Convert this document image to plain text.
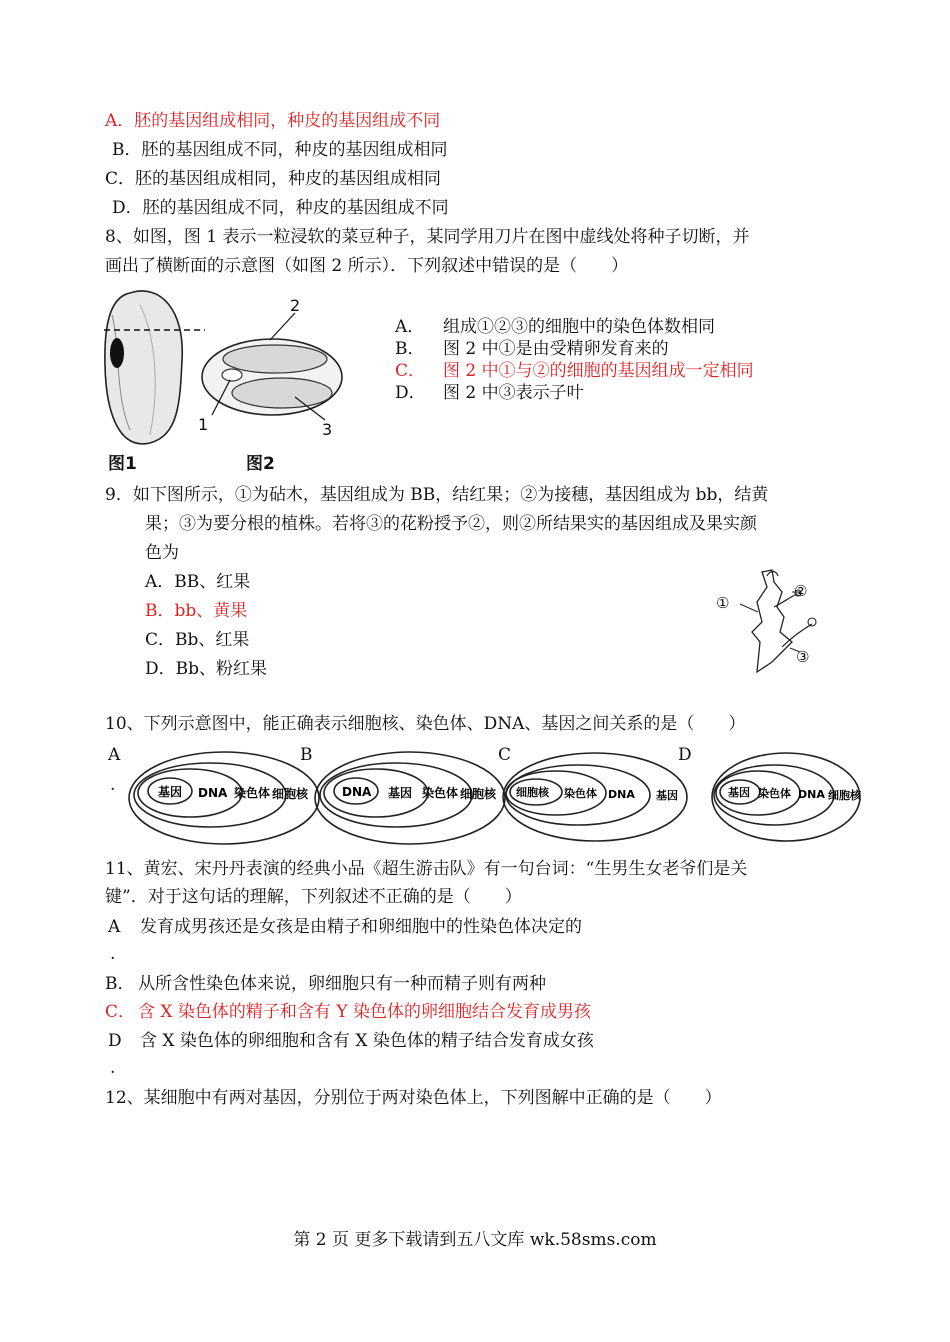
A．胚的基因组成相同，种皮的基因组成不同
B．胚的基因组成不同，种皮的基因组成相同
C．胚的基因组成相同，种皮的基因组成相同
D．胚的基因组成不同，种皮的基因组成不同
8、如图，图 1 表示一粒浸软的菜豆种子，某同学用刀片在图中虚线处将种子切断，并
画出了横断面的示意图（如图 2 所示）．下列叙述中错误的是（　　）
2
1	3
图1	图2
A． 组成①②③的细胞中的染色体数相同
B． 图 2 中①是由受精卵发育来的
C． 图 2 中①与②的细胞的基因组成一定相同
D． 图 2 中③表示子叶
9．如下图所示，①为砧木，基因组成为 BB，结红果；②为接穗，基因组成为 bb，结黄
果；③为要分根的植株。若将③的花粉授予②，则②所结果实的基因组成及果实颜
色为
A．BB、红果
B．bb、黄果
C．Bb、红果
D．Bb、粉红果
①
②
③
10、下列示意图中，能正确表示细胞核、染色体、DNA、基因之间关系的是（　　）
A
.
B	C	D
基因 DNA 染色体 细胞核	DNA 基因 染色体 细胞核 细胞核 染色体 DNA 基因	基因 染色体 DNA 细胞核
11、黄宏、宋丹丹表演的经典小品《超生游击队》有一句台词：“生男生女老爷们是关
键”．对于这句话的理解，下列叙述不正确的是（　　）
A 发育成男孩还是女孩是由精子和卵细胞中的性染色体决定的
.
B． 从所含性染色体来说，卵细胞只有一种而精子则有两种
C． 含 X 染色体的精子和含有 Y 染色体的卵细胞结合发育成男孩
D 含 X 染色体的卵细胞和含有 X 染色体的精子结合发育成女孩
.
12、某细胞中有两对基因，分别位于两对染色体上，下列图解中正确的是（　　）
第 2 页 更多下载请到五八文库 wk.58sms.com
